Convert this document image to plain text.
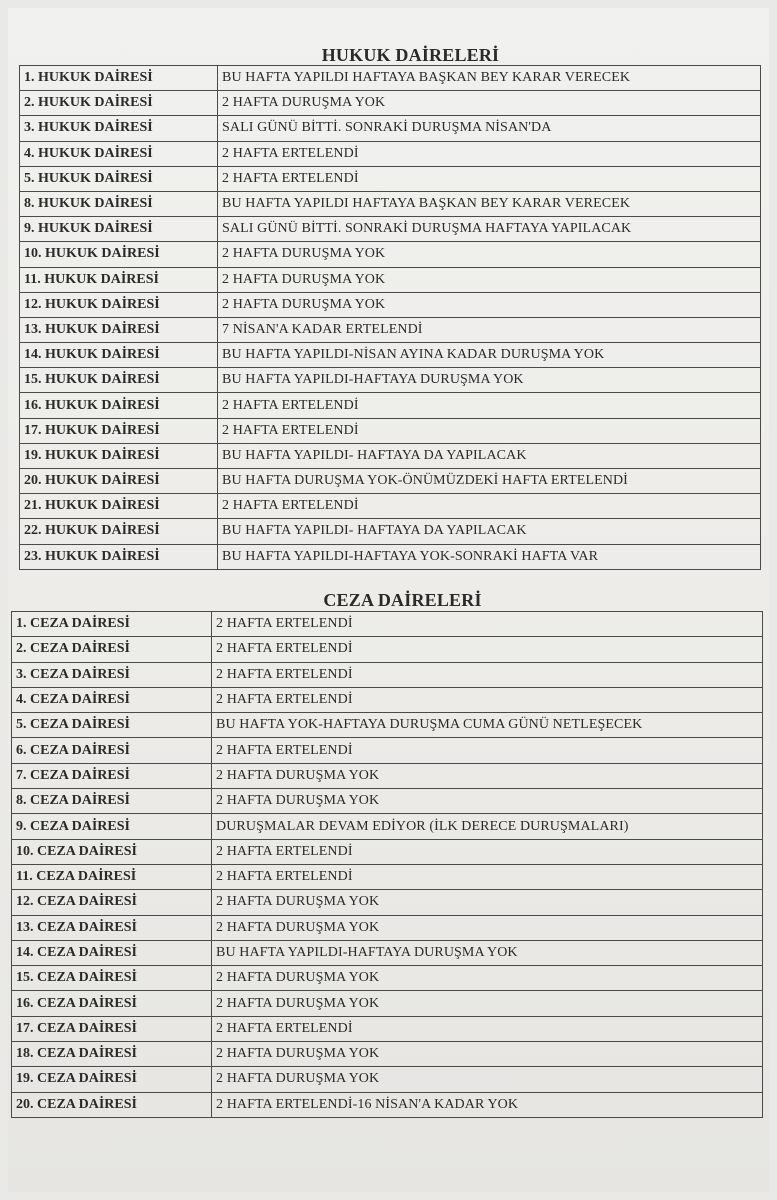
HUKUK DAİRELERİ
1. HUKUK DAİRESİ	BU HAFTA YAPILDI HAFTAYA BAŞKAN BEY KARAR VERECEK
2. HUKUK DAİRESİ	2 HAFTA DURUŞMA YOK
3. HUKUK DAİRESİ	SALI GÜNÜ BİTTİ. SONRAKİ DURUŞMA NİSAN'DA
4. HUKUK DAİRESİ	2 HAFTA ERTELENDİ
5. HUKUK DAİRESİ	2 HAFTA ERTELENDİ
8. HUKUK DAİRESİ	BU HAFTA YAPILDI HAFTAYA BAŞKAN BEY KARAR VERECEK
9. HUKUK DAİRESİ	SALI GÜNÜ BİTTİ. SONRAKİ DURUŞMA HAFTAYA YAPILACAK
10. HUKUK DAİRESİ	2 HAFTA DURUŞMA YOK
11. HUKUK DAİRESİ	2 HAFTA DURUŞMA YOK
12. HUKUK DAİRESİ	2 HAFTA DURUŞMA YOK
13. HUKUK DAİRESİ	7 NİSAN'A KADAR ERTELENDİ
14. HUKUK DAİRESİ	BU HAFTA YAPILDI-NİSAN AYINA KADAR DURUŞMA YOK
15. HUKUK DAİRESİ	BU HAFTA YAPILDI-HAFTAYA DURUŞMA YOK
16. HUKUK DAİRESİ	2 HAFTA ERTELENDİ
17. HUKUK DAİRESİ	2 HAFTA ERTELENDİ
19. HUKUK DAİRESİ	BU HAFTA YAPILDI- HAFTAYA DA YAPILACAK
20. HUKUK DAİRESİ	BU HAFTA DURUŞMA YOK-ÖNÜMÜZDEKİ HAFTA ERTELENDİ
21. HUKUK DAİRESİ	2 HAFTA ERTELENDİ
22. HUKUK DAİRESİ	BU HAFTA YAPILDI- HAFTAYA DA YAPILACAK
23. HUKUK DAİRESİ	BU HAFTA YAPILDI-HAFTAYA YOK-SONRAKİ HAFTA VAR
CEZA DAİRELERİ
1. CEZA DAİRESİ	2 HAFTA ERTELENDİ
2. CEZA DAİRESİ	2 HAFTA ERTELENDİ
3. CEZA DAİRESİ	2 HAFTA ERTELENDİ
4. CEZA DAİRESİ	2 HAFTA ERTELENDİ
5. CEZA DAİRESİ	BU HAFTA YOK-HAFTAYA DURUŞMA CUMA GÜNÜ NETLEŞECEK
6. CEZA DAİRESİ	2 HAFTA ERTELENDİ
7. CEZA DAİRESİ	2 HAFTA DURUŞMA YOK
8. CEZA DAİRESİ	2 HAFTA DURUŞMA YOK
9. CEZA DAİRESİ	DURUŞMALAR DEVAM EDİYOR (İLK DERECE DURUŞMALARI)
10. CEZA DAİRESİ	2 HAFTA ERTELENDİ
11. CEZA DAİRESİ	2 HAFTA ERTELENDİ
12. CEZA DAİRESİ	2 HAFTA DURUŞMA YOK
13. CEZA DAİRESİ	2 HAFTA DURUŞMA YOK
14. CEZA DAİRESİ	BU HAFTA YAPILDI-HAFTAYA DURUŞMA YOK
15. CEZA DAİRESİ	2 HAFTA DURUŞMA YOK
16. CEZA DAİRESİ	2 HAFTA DURUŞMA YOK
17. CEZA DAİRESİ	2 HAFTA ERTELENDİ
18. CEZA DAİRESİ	2 HAFTA DURUŞMA YOK
19. CEZA DAİRESİ	2 HAFTA DURUŞMA YOK
20. CEZA DAİRESİ	2 HAFTA ERTELENDİ-16 NİSAN'A KADAR YOK
